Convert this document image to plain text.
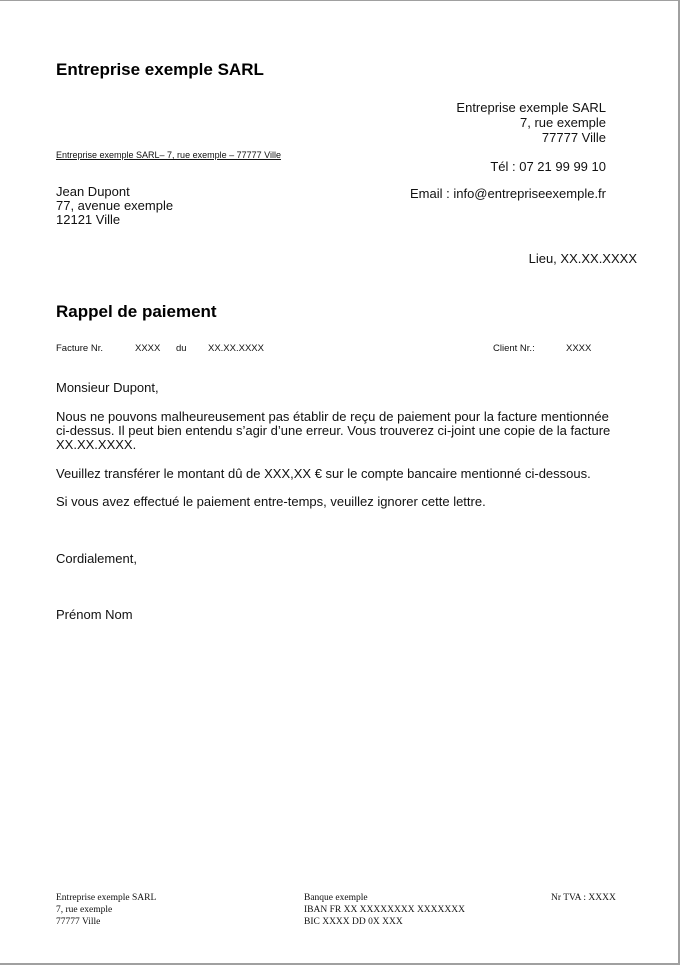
Entreprise exemple SARL
Entreprise exemple SARL
7, rue exemple
77777 Ville
Tél : 07 21 99 99 10
Email : info@entrepriseexemple.fr
Entreprise exemple SARL– 7, rue exemple – 77777 Ville
Jean Dupont
77, avenue exemple
12121 Ville
Lieu, XX.XX.XXXX
Rappel de paiement
Facture Nr.	XXXX du XX.XX.XXXX	Client Nr.:	XXXX
Monsieur Dupont,
Nous ne pouvons malheureusement pas établir de reçu de paiement pour la facture mentionnée ci-dessus. Il peut bien entendu s’agir d’une erreur. Vous trouverez ci-joint une copie de la facture XX.XX.XXXX.
Veuillez transférer le montant dû de XXX,XX € sur le compte bancaire mentionné ci-dessous.
Si vous avez effectué le paiement entre-temps, veuillez ignorer cette lettre.
Cordialement,
Prénom Nom
Entreprise exemple SARL
7, rue exemple
77777 Ville
Banque exemple
IBAN FR XX XXXXXXXX XXXXXXX
BIC XXXX DD 0X XXX
Nr TVA : XXXX
